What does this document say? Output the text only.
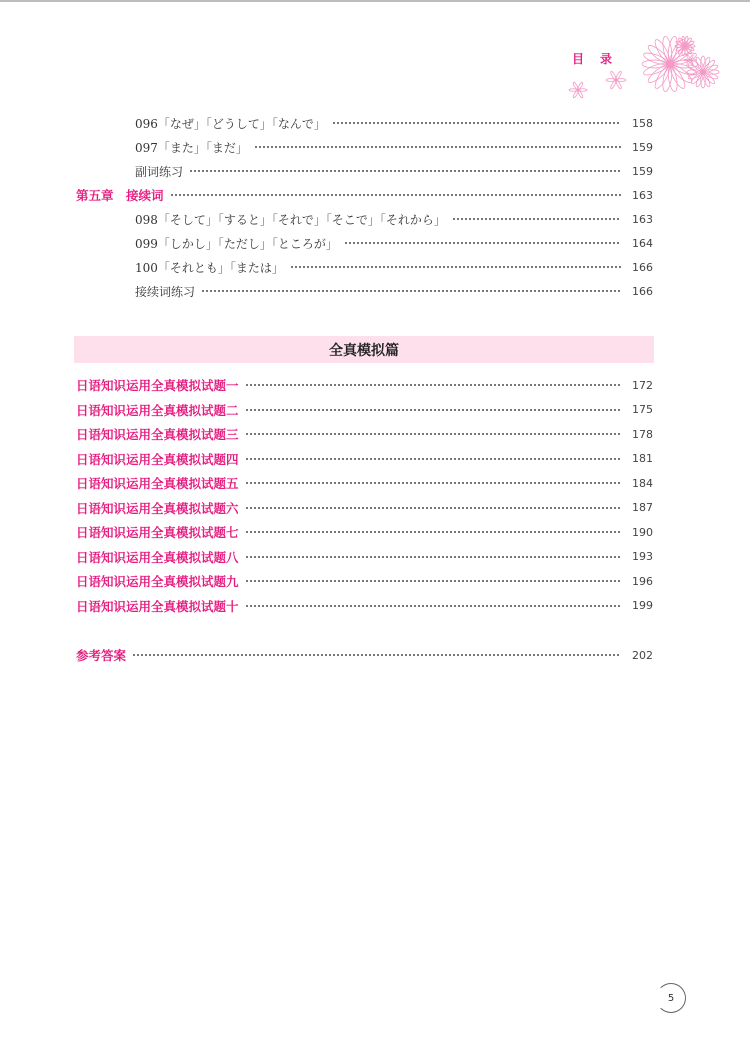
目　录
096「なぜ」「どうして」「なんで」	158
097「また」「まだ」	159
副词练习	159
第五章　接续词	163
098「そして」「すると」「それで」「そこで」「それから」	163
099「しかし」「ただし」「ところが」	164
100「それとも」「または」	166
接续词练习	166
全真模拟篇
日语知识运用全真模拟试题一	172
日语知识运用全真模拟试题二	175
日语知识运用全真模拟试题三	178
日语知识运用全真模拟试题四	181
日语知识运用全真模拟试题五	184
日语知识运用全真模拟试题六	187
日语知识运用全真模拟试题七	190
日语知识运用全真模拟试题八	193
日语知识运用全真模拟试题九	196
日语知识运用全真模拟试题十	199
参考答案	202
5
